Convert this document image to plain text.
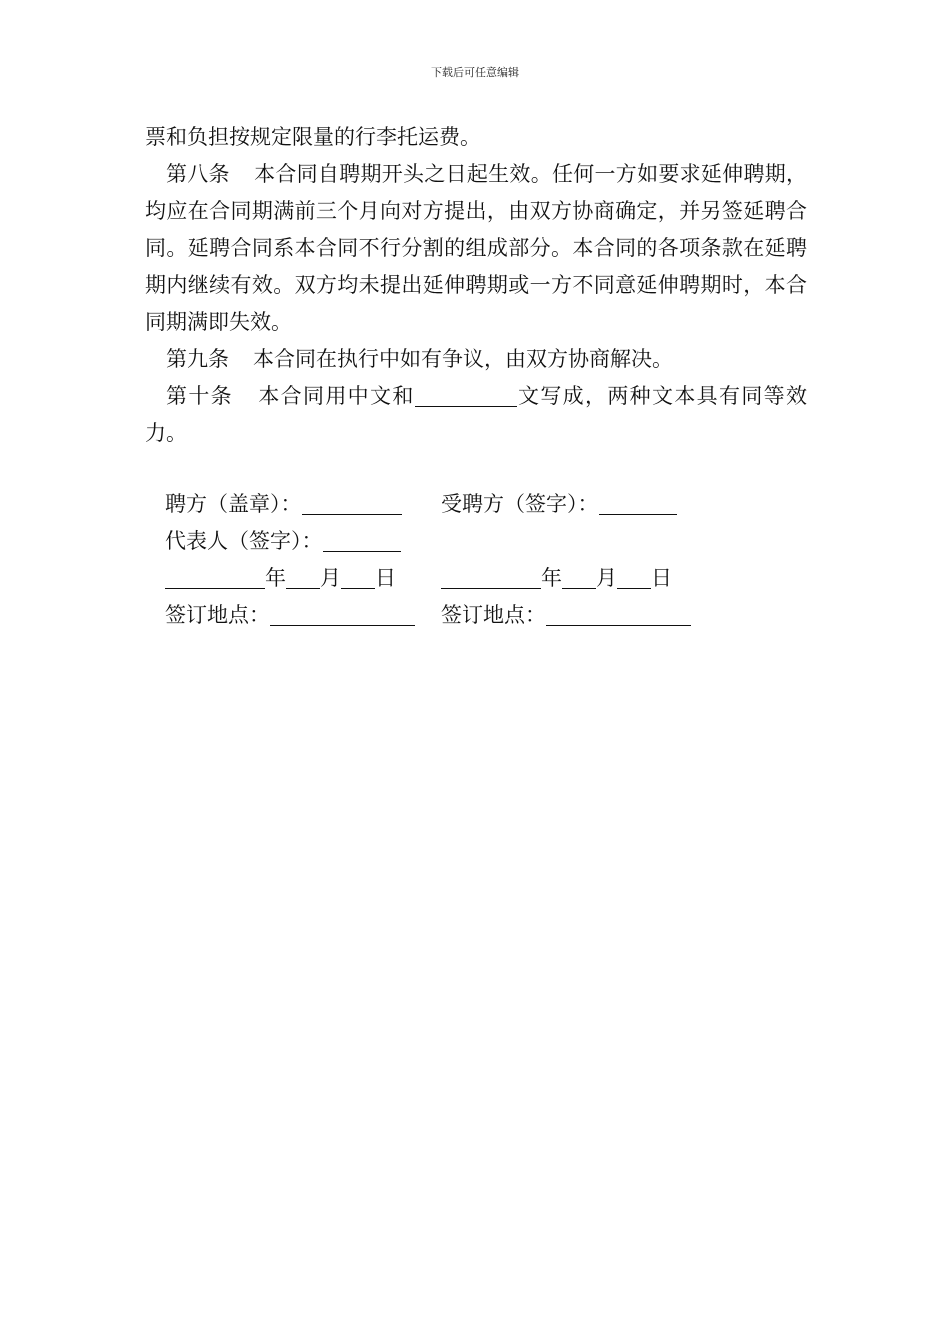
下载后可任意编辑

票和负担按规定限量的行李托运费。

第八条 本合同自聘期开头之日起生效。任何一方如要求延伸聘期，均应在合同期满前三个月向对方提出，由双方协商确定，并另签延聘合同。延聘合同系本合同不行分割的组成部分。本合同的各项条款在延聘期内继续有效。双方均未提出延伸聘期或一方不同意延伸聘期时，本合同期满即失效。

第九条 本合同在执行中如有争议，由双方协商解决。

第十条 本合同用中文和	文写成，两种文本具有同等效力。

聘方（盖章）：	受聘方（签字）：
代表人（签字）：
年 月 日	年 月 日
签订地点：	签订地点：
